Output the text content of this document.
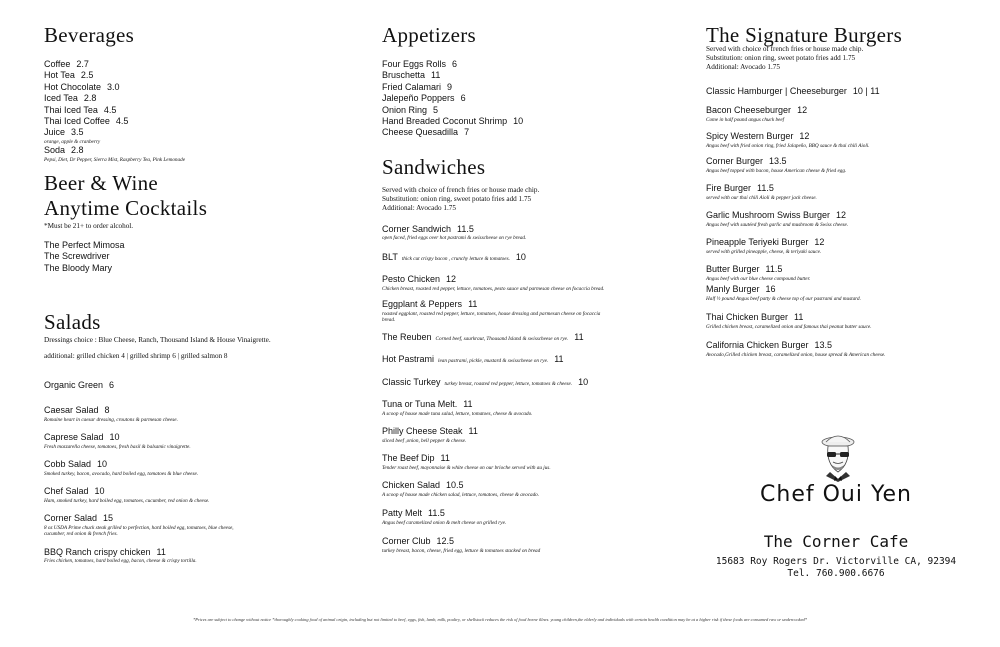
Beverages
Coffee 2.7
Hot Tea 2.5
Hot Chocolate 3.0
Iced Tea 2.8
Thai Iced Tea 4.5
Thai Iced Coffee 4.5
Juice 3.5
orange, apple & cranberry
Soda 2.8
Pepsi, Diet, Dr Pepper, Sierra Mist, Raspberry Tea, Pink Lemonade
Beer & Wine
Anytime Cocktails
*Must be 21+ to order alcohol.
The Perfect Mimosa
The Screwdriver
The Bloody Mary
Salads
Dressings choice : Blue Cheese, Ranch, Thousand Island & House Vinaigrette.
additional: grilled chicken 4 | grilled shrimp 6 | grilled salmon 8
Organic Green 6
Caesar Salad 8
Romaine heart in caesar dressing, croutons & parmesan cheese.
Caprese Salad 10
Fresh mozzarella cheese, tomatoes, fresh basil & balsamic vinaigrette.
Cobb Salad 10
Smoked turkey, bacon, avocado, hard boiled egg, tomatoes & blue cheese.
Chef Salad 10
Ham, smoked turkey, hard boiled egg, tomatoes, cucumber, red onion & cheese.
Corner Salad 15
8 oz USDA Prime chuck steak grilled to perfection, hard boiled egg, tomatoes, blue cheese, cucumber, red onion & french fries.
BBQ Ranch crispy chicken 11
Fries chicken, tomatoes, hard boiled egg, bacon, cheese & crispy tortilla.
Appetizers
Four Eggs Rolls 6
Bruschetta 11
Fried Calamari 9
Jalepeño Poppers 6
Onion Ring 5
Hand Breaded Coconut Shrimp 10
Cheese Quesadilla 7
Sandwiches
Served with choice of french fries or house made chip.
Substitution: onion ring, sweet potato fries add 1.75
Additional: Avocado 1.75
Corner Sandwich 11.5
open faced, fried eggs over hot pastrami & swisscheese on rye bread.
BLT thick cut crispy bacon , crunchy lettuce & tomatoes. 10
Pesto Chicken 12
Chicken breast, roasted red pepper, lettuce, tomatoes, pesto sauce and parmesan cheese on focaccia bread.
Eggplant & Peppers 11
roasted eggplant, roasted red pepper, lettuce, tomatoes, house dressing and parmesan cheese on focaccia bread.
The Reuben Corned beef, saurkraut, Thousand Island & swisscheese on rye. 11
Hot Pastrami lean pastrami, pickle, mustard & swisscheese on rye. 11
Classic Turkey turkey breast, roasted red pepper, lettuce, tomatoes & cheese. 10
Tuna or Tuna Melt. 11
A scoop of house made tuna salad, lettuce, tomatoes, cheese & avocado.
Philly Cheese Steak 11
sliced beef ,onion, bell pepper & cheese.
The Beef Dip 11
Tender roast beef, mayonnaise & white cheese on our brioche served with au jus.
Chicken Salad 10.5
A scoop of house made chicken salad, lettuce, tomatoes, cheese & avocado.
Patty Melt 11.5
Angus beef caramelized onion & melt cheese on grilled rye.
Corner Club 12.5
turkey breast, bacon, cheese, fried egg, lettuce & tomatoes stacked on bread
The Signature Burgers
Served with choice of french fries or house made chip.
Substitution: onion ring, sweet potato fries add 1.75
Additional: Avocado 1.75
Classic Hamburger | Cheeseburger 10 | 11
Bacon Cheeseburger 12
Come in half pound angus chuck beef
Spicy Western Burger 12
Angus beef with fried onion ring, fried Jalapeño, BBQ sauce & thai chili Aioli.
Corner Burger 13.5
Angus beef topped with bacon, house American cheese & fried egg.
Fire Burger 11.5
served with our thai chili Aioli & pepper jack cheese.
Garlic Mushroom Swiss Burger 12
Angus beef with sautéed fresh garlic and mushroom & Swiss cheese.
Pineapple Teriyeki Burger 12
served with grilled pineapple, cheese, & teriyaki sauce.
Butter Burger 11.5
Angus beef with our blue cheese compound butter.
Manly Burger 16
Half ½ pound Angus beef patty & cheese top of our pastrami and mustard.
Thai Chicken Burger 11
Grilled chicken breast, caramelized onion and famous thai peanut butter sauce.
California Chicken Burger 13.5
Avocado,Grilled chicken breast, caramelized onion, house spread & American cheese.
Chef Oui Yen
The Corner Cafe
15683 Roy Rogers Dr. Victorville CA, 92394
Tel. 760.900.6676
*Prices are subject to change without notice *thoroughly cooking food of animal origin, including but not limited to beef, eggs, fish, lamb, milk, poultry, or shellstock reduces the risk of food borne illnes. young children,the elderly and individuals with certain health condition may be at a higher risk if these foods are consumed raw or undercooked*
